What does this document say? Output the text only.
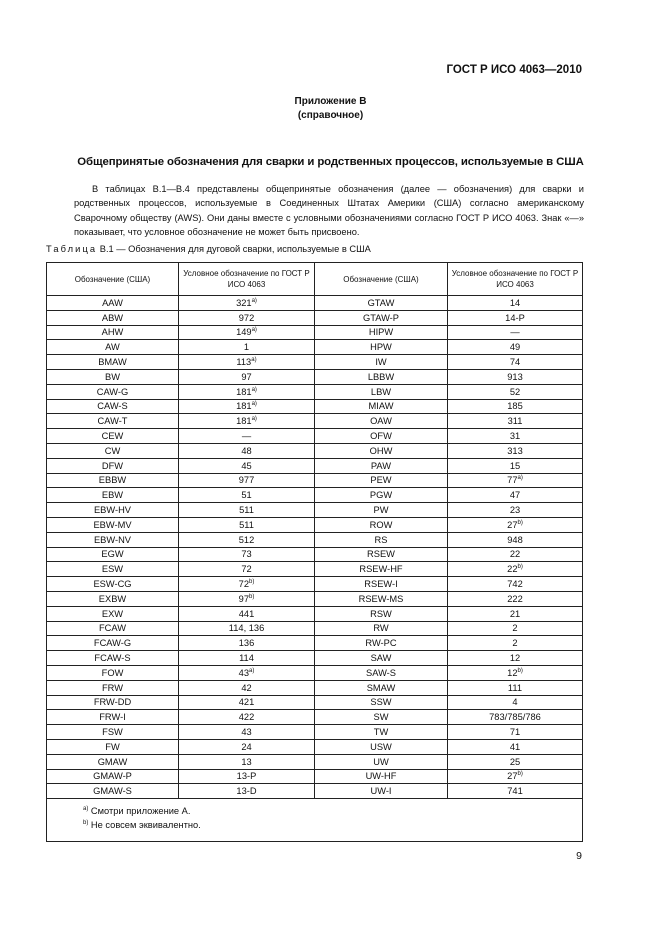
ГОСТ Р ИСО 4063—2010
Приложение В
(справочное)
Общепринятые обозначения для сварки и родственных процессов, используемые в США

В таблицах В.1—В.4 представлены общепринятые обозначения (далее — обозначения) для сварки и родственных процессов, используемые в Соединенных Штатах Америки (США) согласно американскому Сварочному обществу (AWS). Они даны вместе с условными обозначениями согласно ГОСТ Р ИСО 4063. Знак «—» показывает, что условное обозначение не может быть присвоено.

Таблица В.1 — Обозначения для дуговой сварки, используемые в США
Обозначение (США)	Условное обозначение по ГОСТ Р ИСО 4063	Обозначение (США)	Условное обозначение по ГОСТ Р ИСО 4063
AAW	321$^{a)}$	GTAW	14
ABW	972	GTAW-P	14-P
AHW	149$^{a)}$	HIPW	—
AW	1	HPW	49
BMAW	113$^{a)}$	IW	74
BW	97	LBBW	913
CAW-G	181$^{a)}$	LBW	52
CAW-S	181$^{a)}$	MIAW	185
CAW-T	181$^{a)}$	OAW	311
CEW	—	OFW	31
CW	48	OHW	313
DFW	45	PAW	15
EBBW	977	PEW	77$^{a)}$
EBW	51	PGW	47
EBW-HV	511	PW	23
EBW-MV	511	ROW	27$^{b)}$
EBW-NV	512	RS	948
EGW	73	RSEW	22
ESW	72	RSEW-HF	22$^{b)}$
ESW-CG	72$^{b)}$	RSEW-I	742
EXBW	97$^{b)}$	RSEW-MS	222
EXW	441	RSW	21
FCAW	114, 136	RW	2
FCAW-G	136	RW-PC	2
FCAW-S	114	SAW	12
FOW	43$^{a)}$	SAW-S	12$^{b)}$
FRW	42	SMAW	111
FRW-DD	421	SSW	4
FRW-I	422	SW	783/785/786
FSW	43	TW	71
FW	24	USW	41
GMAW	13	UW	25
GMAW-P	13-P	UW-HF	27$^{b)}$
GMAW-S	13-D	UW-I	741

$^{a)}$ Смотри приложение А.
$^{b)}$ Не совсем эквивалентно.			
9
